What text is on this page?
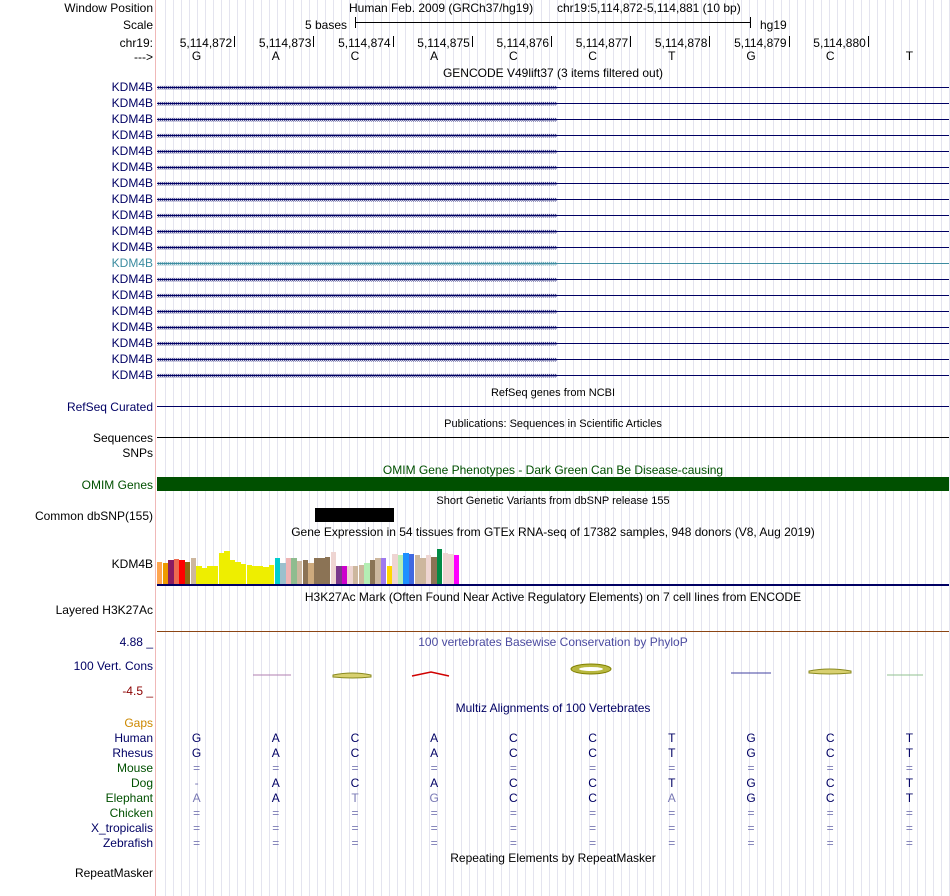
Window Position
Scale
chr19:
--->
Human Feb. 2009 (GRCh37/hg19) chr19:5,114,872-5,114,881 (10 bp)
5 bases	hg19
5,114,872	5,114,873	5,114,874	5,114,875	5,114,876	5,114,877	5,114,878	5,114,879	5,114,880
G	A	C	A	C	C	T	G	C	T
GENCODE V49lift37 (3 items filtered out)
KDM4B ››››››››››››››››››››››››››››››››››››››››››››››››››››››››››››››››››››››››››››››››››››››››››››››››››››››››››››››››››››››››››››››››››››››››››››››››››››››››››››››››››››››››››››››››››››››››››››››››››››››››
KDM4B ››››››››››››››››››››››››››››››››››››››››››››››››››››››››››››››››››››››››››››››››››››››››››››››››››››››››››››››››››››››››››››››››››››››››››››››››››››››››››››››››››››››››››››››››››››››››››››››››››››››››
KDM4B ››››››››››››››››››››››››››››››››››››››››››››››››››››››››››››››››››››››››››››››››››››››››››››››››››››››››››››››››››››››››››››››››››››››››››››››››››››››››››››››››››››››››››››››››››››››››››››››››››››››››
KDM4B ››››››››››››››››››››››››››››››››››››››››››››››››››››››››››››››››››››››››››››››››››››››››››››››››››››››››››››››››››››››››››››››››››››››››››››››››››››››››››››››››››››››››››››››››››››››››››››››››››››››››
KDM4B ››››››››››››››››››››››››››››››››››››››››››››››››››››››››››››››››››››››››››››››››››››››››››››››››››››››››››››››››››››››››››››››››››››››››››››››››››››››››››››››››››››››››››››››››››››››››››››››››››››››››
KDM4B ››››››››››››››››››››››››››››››››››››››››››››››››››››››››››››››››››››››››››››››››››››››››››››››››››››››››››››››››››››››››››››››››››››››››››››››››››››››››››››››››››››››››››››››››››››››››››››››››››››››››
KDM4B ››››››››››››››››››››››››››››››››››››››››››››››››››››››››››››››››››››››››››››››››››››››››››››››››››››››››››››››››››››››››››››››››››››››››››››››››››››››››››››››››››››››››››››››››››››››››››››››››››››››››
KDM4B ››››››››››››››››››››››››››››››››››››››››››››››››››››››››››››››››››››››››››››››››››››››››››››››››››››››››››››››››››››››››››››››››››››››››››››››››››››››››››››››››››››››››››››››››››››››››››››››››››››››››
KDM4B ››››››››››››››››››››››››››››››››››››››››››››››››››››››››››››››››››››››››››››››››››››››››››››››››››››››››››››››››››››››››››››››››››››››››››››››››››››››››››››››››››››››››››››››››››››››››››››››››››››››››
KDM4B ››››››››››››››››››››››››››››››››››››››››››››››››››››››››››››››››››››››››››››››››››››››››››››››››››››››››››››››››››››››››››››››››››››››››››››››››››››››››››››››››››››››››››››››››››››››››››››››››››››››››
KDM4B ››››››››››››››››››››››››››››››››››››››››››››››››››››››››››››››››››››››››››››››››››››››››››››››››››››››››››››››››››››››››››››››››››››››››››››››››››››››››››››››››››››››››››››››››››››››››››››››››››››››››
KDM4B ››››››››››››››››››››››››››››››››››››››››››››››››››››››››››››››››››››››››››››››››››››››››››››››››››››››››››››››››››››››››››››››››››››››››››››››››››››››››››››››››››››››››››››››››››››››››››››››››››››››››
KDM4B ››››››››››››››››››››››››››››››››››››››››››››››››››››››››››››››››››››››››››››››››››››››››››››››››››››››››››››››››››››››››››››››››››››››››››››››››››››››››››››››››››››››››››››››››››››››››››››››››››››››››
KDM4B ››››››››››››››››››››››››››››››››››››››››››››››››››››››››››››››››››››››››››››››››››››››››››››››››››››››››››››››››››››››››››››››››››››››››››››››››››››››››››››››››››››››››››››››››››››››››››››››››››››››››
KDM4B ››››››››››››››››››››››››››››››››››››››››››››››››››››››››››››››››››››››››››››››››››››››››››››››››››››››››››››››››››››››››››››››››››››››››››››››››››››››››››››››››››››››››››››››››››››››››››››››››››››››››
KDM4B ››››››››››››››››››››››››››››››››››››››››››››››››››››››››››››››››››››››››››››››››››››››››››››››››››››››››››››››››››››››››››››››››››››››››››››››››››››››››››››››››››››››››››››››››››››››››››››››››››››››››
KDM4B ››››››››››››››››››››››››››››››››››››››››››››››››››››››››››››››››››››››››››››››››››››››››››››››››››››››››››››››››››››››››››››››››››››››››››››››››››››››››››››››››››››››››››››››››››››››››››››››››››››››››
KDM4B ››››››››››››››››››››››››››››››››››››››››››››››››››››››››››››››››››››››››››››››››››››››››››››››››››››››››››››››››››››››››››››››››››››››››››››››››››››››››››››››››››››››››››››››››››››››››››››››››››››››››
KDM4B ››››››››››››››››››››››››››››››››››››››››››››››››››››››››››››››››››››››››››››››››››››››››››››››››››››››››››››››››››››››››››››››››››››››››››››››››››››››››››››››››››››››››››››››››››››››››››››››››››››››››
RefSeq genes from NCBI
RefSeq Curated
Publications: Sequences in Scientific Articles
Sequences
SNPs
OMIM Gene Phenotypes - Dark Green Can Be Disease-causing
OMIM Genes
Short Genetic Variants from dbSNP release 155
Common dbSNP(155)
Gene Expression in 54 tissues from GTEx RNA-seq of 17382 samples, 948 donors (V8, Aug 2019)
KDM4B
H3K27Ac Mark (Often Found Near Active Regulatory Elements) on 7 cell lines from ENCODE
Layered H3K27Ac
100 vertebrates Basewise Conservation by PhyloP
4.88 _
100 Vert. Cons
-4.5 _
Multiz Alignments of 100 Vertebrates
Gaps
Human	G	A	C	A	C	C	T	G	C	T
Rhesus	G	A	C	A	C	C	T	G	C	T
Mouse	=	=	=	=	=	=	=	=	=	=
Dog	-	A	C	A	C	C	T	G	C	T
Elephant	A	A	T	G	C	C	A	G	C	T
Chicken	=	=	=	=	=	=	=	=	=	=
X_tropicalis	=	=	=	=	=	=	=	=	=	=
Zebrafish	=	=	=	=	=	=	=	=	=	=
Repeating Elements by RepeatMasker
RepeatMasker
